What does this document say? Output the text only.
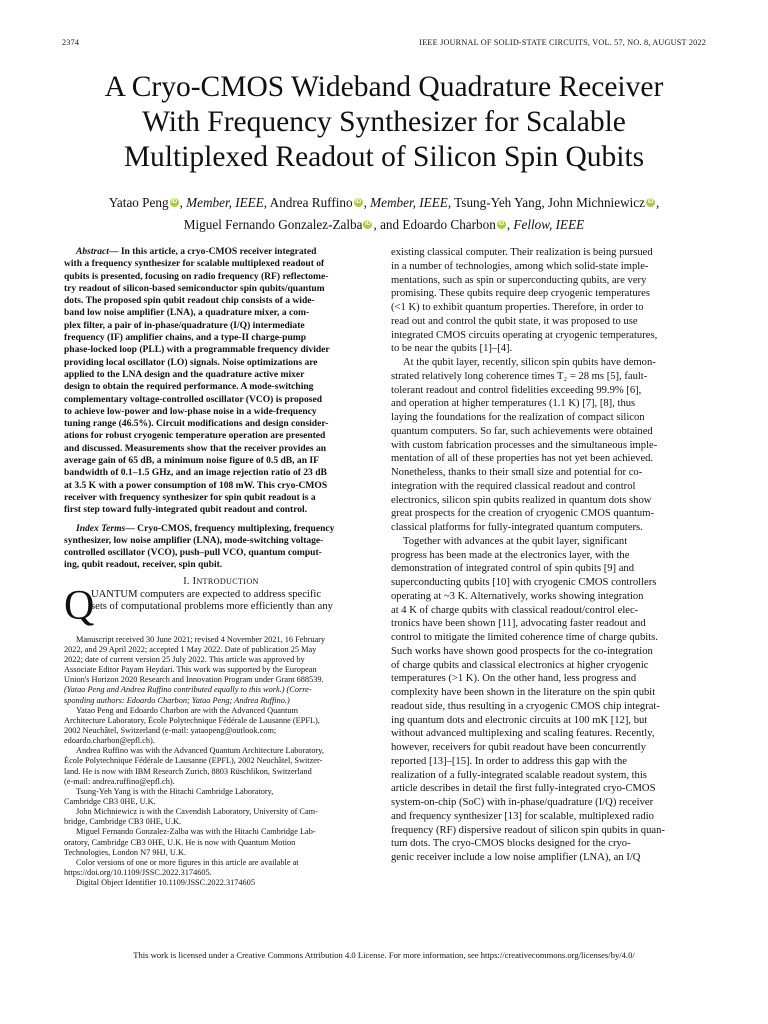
2374	IEEE JOURNAL OF SOLID-STATE CIRCUITS, VOL. 57, NO. 8, AUGUST 2022
A Cryo-CMOS Wideband Quadrature Receiver
With Frequency Synthesizer for Scalable
Multiplexed Readout of Silicon Spin Qubits
Yatao Peng iD , Member, IEEE, Andrea Ruffino iD , Member, IEEE, Tsung-Yeh Yang, John Michniewicz iD ,
Miguel Fernando Gonzalez-Zalba iD , and Edoardo Charbon iD , Fellow, IEEE
Abstract— In this article, a cryo-CMOS receiver integrated
with a frequency synthesizer for scalable multiplexed readout of
qubits is presented, focusing on radio frequency (RF) reflectome-
try readout of silicon-based semiconductor spin qubits/quantum
dots. The proposed spin qubit readout chip consists of a wide-
band low noise amplifier (LNA), a quadrature mixer, a com-
plex filter, a pair of in-phase/quadrature (I/Q) intermediate
frequency (IF) amplifier chains, and a type-II charge-pump
phase-locked loop (PLL) with a programmable frequency divider
providing local oscillator (LO) signals. Noise optimizations are
applied to the LNA design and the quadrature active mixer
design to obtain the required performance. A mode-switching
complementary voltage-controlled oscillator (VCO) is proposed
to achieve low-power and low-phase noise in a wide-frequency
tuning range (46.5%). Circuit modifications and design consider-
ations for robust cryogenic temperature operation are presented
and discussed. Measurements show that the receiver provides an
average gain of 65 dB, a minimum noise figure of 0.5 dB, an IF
bandwidth of 0.1–1.5 GHz, and an image rejection ratio of 23 dB
at 3.5 K with a power consumption of 108 mW. This cryo-CMOS
receiver with frequency synthesizer for spin qubit readout is a
first step toward fully-integrated qubit readout and control.
Index Terms— Cryo-CMOS, frequency multiplexing, frequency
synthesizer, low noise amplifier (LNA), mode-switching voltage-
controlled oscillator (VCO), push–pull VCO, quantum comput-
ing, qubit readout, receiver, spin qubit.
I. INTRODUCTION
Q
UANTUM computers are expected to address specific
sets of computational problems more efficiently than any
Manuscript received 30 June 2021; revised 4 November 2021, 16 February
2022, and 29 April 2022; accepted 1 May 2022. Date of publication 25 May
2022; date of current version 25 July 2022. This article was approved by
Associate Editor Payam Heydari. This work was supported by the European
Union's Horizon 2020 Research and Innovation Program under Grant 688539.
(Yatao Peng and Andrea Ruffino contributed equally to this work.) (Corre-
sponding authors: Edoardo Charbon; Yatao Peng; Andrea Ruffino.)
Yatao Peng and Edoardo Charbon are with the Advanced Quantum
Architecture Laboratory, École Polytechnique Fédérale de Lausanne (EPFL),
2002 Neuchâtel, Switzerland (e-mail: yataopeng@outlook.com;
edoardo.charbon@epfl.ch).
Andrea Ruffino was with the Advanced Quantum Architecture Laboratory,
École Polytechnique Fédérale de Lausanne (EPFL), 2002 Neuchâtel, Switzer-
land. He is now with IBM Research Zurich, 8803 Rüschlikon, Switzerland
(e-mail: andrea.ruffino@epfl.ch).
Tsung-Yeh Yang is with the Hitachi Cambridge Laboratory,
Cambridge CB3 0HE, U.K.
John Michniewicz is with the Cavendish Laboratory, University of Cam-
bridge, Cambridge CB3 0HE, U.K.
Miguel Fernando Gonzalez-Zalba was with the Hitachi Cambridge Lab-
oratory, Cambridge CB3 0HE, U.K. He is now with Quantum Motion
Technologies, London N7 9HJ, U.K.
Color versions of one or more figures in this article are available at
https://doi.org/10.1109/JSSC.2022.3174605.
Digital Object Identifier 10.1109/JSSC.2022.3174605
existing classical computer. Their realization is being pursued
in a number of technologies, among which solid-state imple-
mentations, such as spin or superconducting qubits, are very
promising. These qubits require deep cryogenic temperatures
(<1 K) to exhibit quantum properties. Therefore, in order to
read out and control the qubit state, it was proposed to use
integrated CMOS circuits operating at cryogenic temperatures,
to be near the qubits [1]–[4].
At the qubit layer, recently, silicon spin qubits have demon-
strated relatively long coherence times T₂ = 28 ms [5], fault-
tolerant readout and control fidelities exceeding 99.9% [6],
and operation at higher temperatures (1.1 K) [7], [8], thus
laying the foundations for the realization of compact silicon
quantum computers. So far, such achievements were obtained
with custom fabrication processes and the simultaneous imple-
mentation of all of these properties has not yet been achieved.
Nonetheless, thanks to their small size and potential for co-
integration with the required classical readout and control
electronics, silicon spin qubits realized in quantum dots show
great prospects for the creation of cryogenic CMOS quantum-
classical platforms for fully-integrated quantum computers.
Together with advances at the qubit layer, significant
progress has been made at the electronics layer, with the
demonstration of integrated control of spin qubits [9] and
superconducting qubits [10] with cryogenic CMOS controllers
operating at ~3 K. Alternatively, works showing integration
at 4 K of charge qubits with classical readout/control elec-
tronics have been shown [11], advocating faster readout and
control to mitigate the limited coherence time of charge qubits.
Such works have shown good prospects for the co-integration
of charge qubits and classical electronics at higher cryogenic
temperatures (>1 K). On the other hand, less progress and
complexity have been shown in the literature on the spin qubit
readout side, thus resulting in a cryogenic CMOS chip integrat-
ing quantum dots and electronic circuits at 100 mK [12], but
without advanced multiplexing and scaling features. Recently,
however, receivers for qubit readout have been concurrently
reported [13]–[15]. In order to address this gap with the
realization of a fully-integrated scalable readout system, this
article describes in detail the first fully-integrated cryo-CMOS
system-on-chip (SoC) with in-phase/quadrature (I/Q) receiver
and frequency synthesizer [13] for scalable, multiplexed radio
frequency (RF) dispersive readout of silicon spin qubits in quan-
tum dots. The cryo-CMOS blocks designed for the cryo-
genic receiver include a low noise amplifier (LNA), an I/Q
This work is licensed under a Creative Commons Attribution 4.0 License. For more information, see https://creativecommons.org/licenses/by/4.0/
